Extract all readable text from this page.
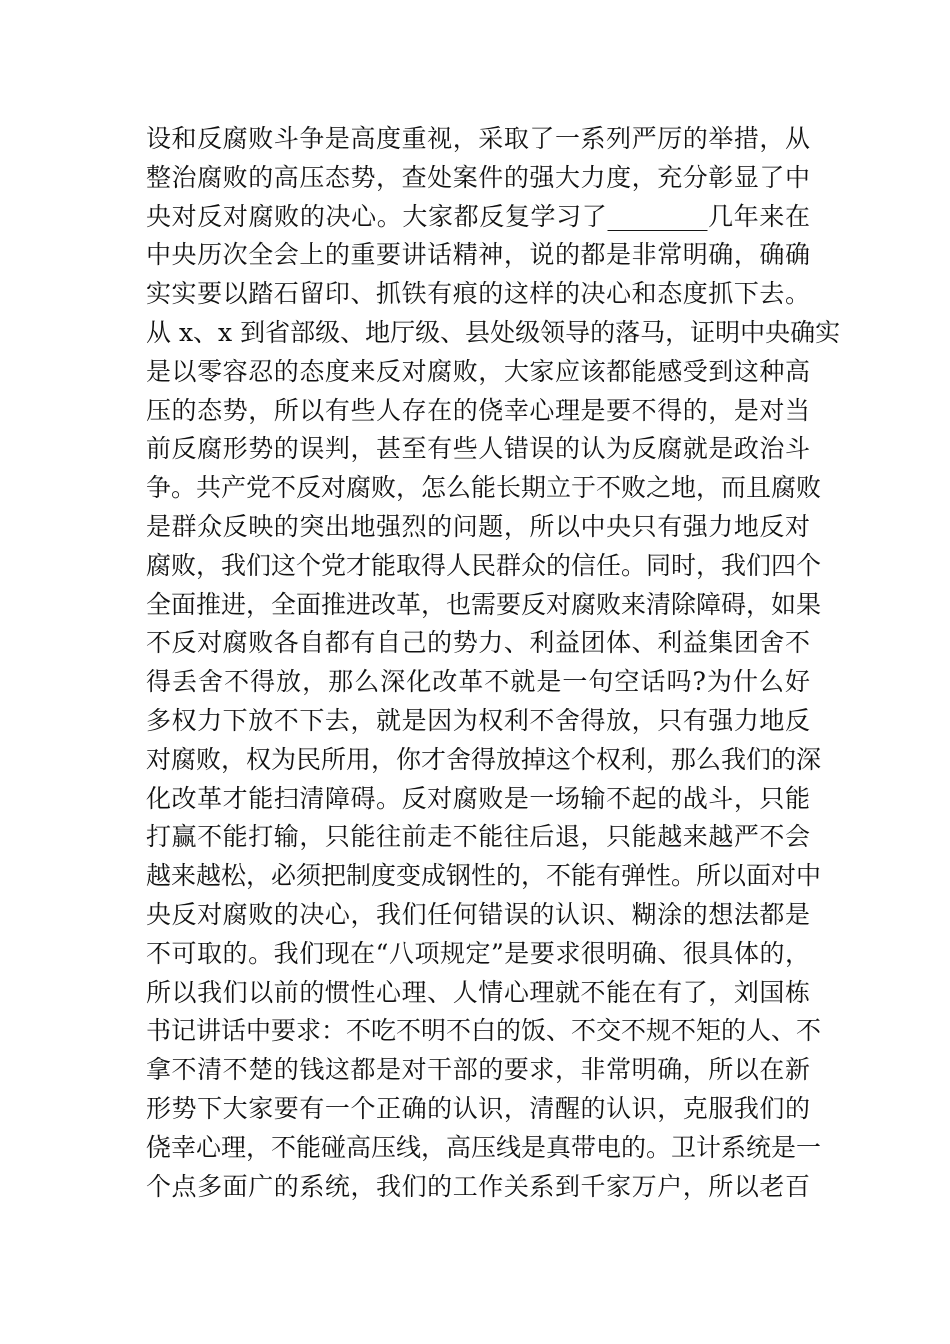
设和反腐败斗争是高度重视，采取了一系列严厉的举措，从
整治腐败的高压态势，查处案件的强大力度，充分彰显了中
央对反对腐败的决心。大家都反复学习了________几年来在
中央历次全会上的重要讲话精神，说的都是非常明确，确确
实实要以踏石留印、抓铁有痕的这样的决心和态度抓下去。
从 x、x 到省部级、地厅级、县处级领导的落马，证明中央确实
是以零容忍的态度来反对腐败，大家应该都能感受到这种高
压的态势，所以有些人存在的侥幸心理是要不得的，是对当
前反腐形势的误判，甚至有些人错误的认为反腐就是政治斗
争。共产党不反对腐败，怎么能长期立于不败之地，而且腐败
是群众反映的突出地强烈的问题，所以中央只有强力地反对
腐败，我们这个党才能取得人民群众的信任。同时，我们四个
全面推进，全面推进改革，也需要反对腐败来清除障碍，如果
不反对腐败各自都有自己的势力、利益团体、利益集团舍不
得丢舍不得放，那么深化改革不就是一句空话吗?为什么好
多权力下放不下去，就是因为权利不舍得放，只有强力地反
对腐败，权为民所用，你才舍得放掉这个权利，那么我们的深
化改革才能扫清障碍。反对腐败是一场输不起的战斗，只能
打赢不能打输，只能往前走不能往后退，只能越来越严不会
越来越松，必须把制度变成钢性的，不能有弹性。所以面对中
央反对腐败的决心，我们任何错误的认识、糊涂的想法都是
不可取的。我们现在“八项规定”是要求很明确、很具体的，
所以我们以前的惯性心理、人情心理就不能在有了，刘国栋
书记讲话中要求：不吃不明不白的饭、不交不规不矩的人、不
拿不清不楚的钱这都是对干部的要求，非常明确，所以在新
形势下大家要有一个正确的认识，清醒的认识，克服我们的
侥幸心理，不能碰高压线，高压线是真带电的。卫计系统是一
个点多面广的系统，我们的工作关系到千家万户，所以老百
